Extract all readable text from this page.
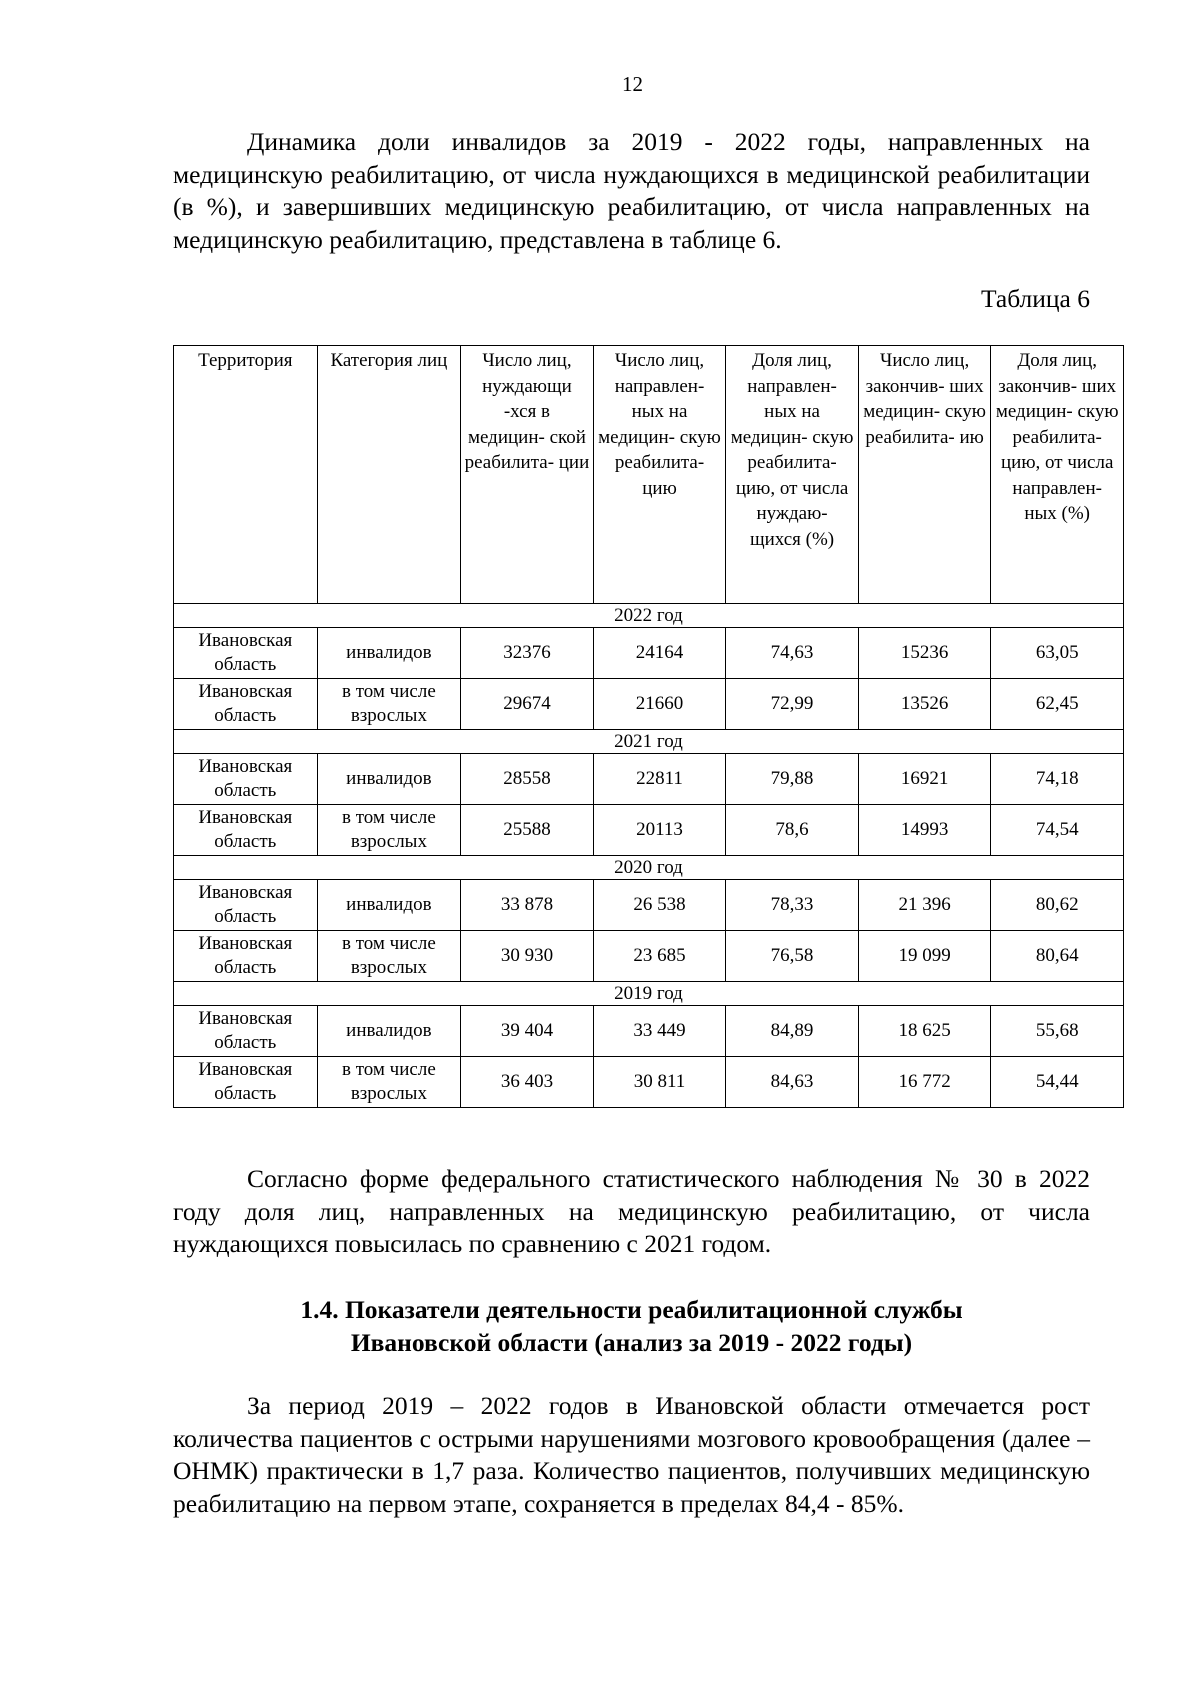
12

Динамика доли инвалидов за 2019 - 2022 годы, направленных на медицинскую реабилитацию, от числа нуждающихся в медицинской реабилитации (в %), и завершивших медицинскую реабилитацию, от числа направленных на медицинскую реабилитацию, представлена в таблице 6.

Таблица 6
Территория	Категория лиц	Число лиц, нуждающи -хся в медицин- ской реабилита- ции	Число лиц, направлен- ных на медицин- скую реабилита- цию	Доля лиц, направлен- ных на медицин- скую реабилита- цию, от числа нуждаю- щихся (%)	Число лиц, закончив- ших медицин- скую реабилита- ию	Доля лиц, закончив- ших медицин- скую реабилита- цию, от числа направлен- ных (%)
2022 год						
Ивановская область	инвалидов	32376	24164	74,63	15236	63,05
Ивановская область	в том числе взрослых	29674	21660	72,99	13526	62,45
2021 год						
Ивановская область	инвалидов	28558	22811	79,88	16921	74,18
Ивановская область	в том числе взрослых	25588	20113	78,6	14993	74,54
2020 год						
Ивановская область	инвалидов	33 878	26 538	78,33	21 396	80,62
Ивановская область	в том числе взрослых	30 930	23 685	76,58	19 099	80,64
2019 год						
Ивановская область	инвалидов	39 404	33 449	84,89	18 625	55,68
Ивановская область	в том числе взрослых	36 403	30 811	84,63	16 772	54,44

Согласно форме федерального статистического наблюдения № 30 в 2022 году доля лиц, направленных на медицинскую реабилитацию, от числа нуждающихся повысилась по сравнению с 2021 годом.

1.4. Показатели деятельности реабилитационной службы
Ивановской области (анализ за 2019 - 2022 годы)

За период 2019 – 2022 годов в Ивановской области отмечается рост количества пациентов с острыми нарушениями мозгового кровообращения (далее – ОНМК) практически в 1,7 раза. Количество пациентов, получивших медицинскую реабилитацию на первом этапе, сохраняется в пределах 84,4 - 85%.
